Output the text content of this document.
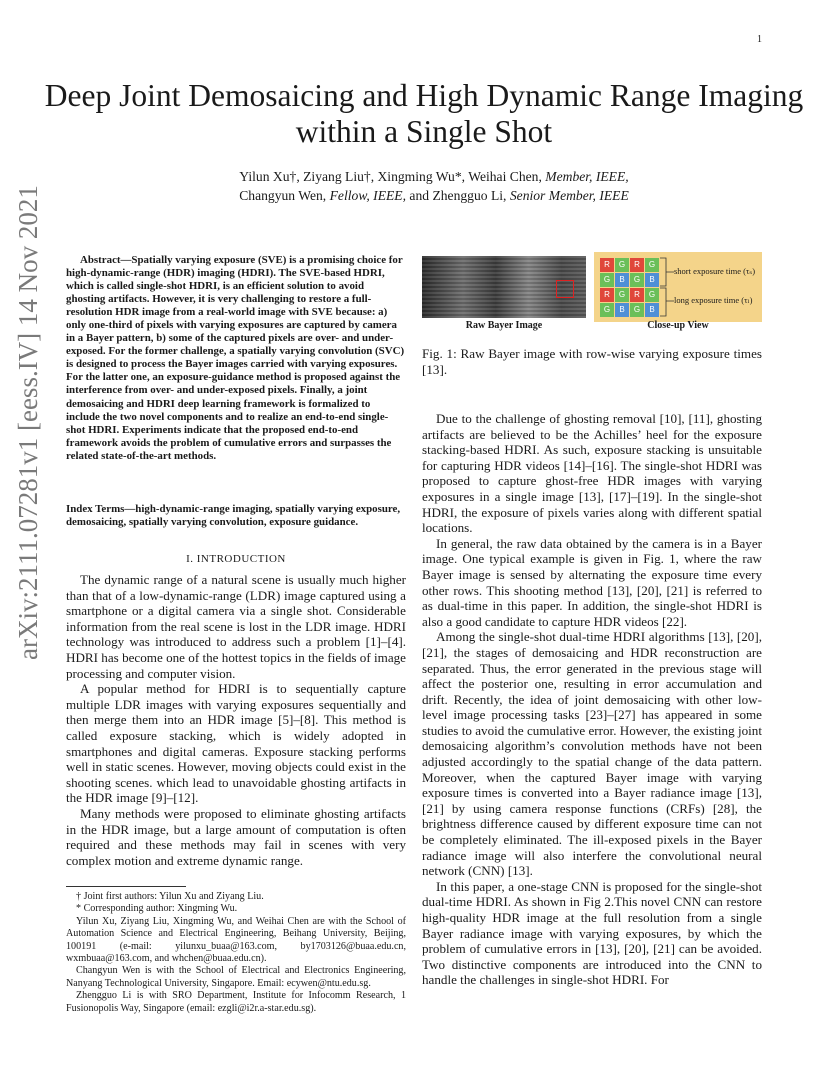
1
arXiv:2111.07281v1 [eess.IV] 14 Nov 2021
Deep Joint Demosaicing and High Dynamic Range Imaging within a Single Shot
Yilun Xu†, Ziyang Liu†, Xingming Wu*, Weihai Chen, Member, IEEE,
Changyun Wen, Fellow, IEEE, and Zhengguo Li, Senior Member, IEEE

Abstract—Spatially varying exposure (SVE) is a promising choice for high-dynamic-range (HDR) imaging (HDRI). The SVE-based HDRI, which is called single-shot HDRI, is an efficient solution to avoid ghosting artifacts. However, it is very challenging to restore a full-resolution HDR image from a real-world image with SVE because: a) only one-third of pixels with varying exposures are captured by camera in a Bayer pattern, b) some of the captured pixels are over- and under-exposed. For the former challenge, a spatially varying convolution (SVC) is designed to process the Bayer images carried with varying exposures. For the latter one, an exposure-guidance method is proposed against the interference from over- and under-exposed pixels. Finally, a joint demosaicing and HDRI deep learning framework is formalized to include the two novel components and to realize an end-to-end single-shot HDRI. Experiments indicate that the proposed end-to-end framework avoids the problem of cumulative errors and surpasses the related state-of-the-art methods.

Index Terms—high-dynamic-range imaging, spatially varying exposure, demosaicing, spatially varying convolution, exposure guidance.

I. INTRODUCTION

The dynamic range of a natural scene is usually much higher than that of a low-dynamic-range (LDR) image captured using a smartphone or a digital camera via a single shot. Considerable information from the real scene is lost in the LDR image. HDRI technology was introduced to address such a problem [1]–[4]. HDRI has become one of the hottest topics in the fields of image processing and computer vision.

A popular method for HDRI is to sequentially capture multiple LDR images with varying exposures sequentially and then merge them into an HDR image [5]–[8]. This method is called exposure stacking, which is widely adopted in smartphones and digital cameras. Exposure stacking performs well in static scenes. However, moving objects could exist in the shooting scenes. which lead to unavoidable ghosting artifacts in the HDR image [9]–[12].

Many methods were proposed to eliminate ghosting artifacts in the HDR image, but a large amount of computation is often required and these methods may fail in scenes with very complex motion and extreme dynamic range.

† Joint first authors: Yilun Xu and Ziyang Liu.

* Corresponding author: Xingming Wu.

Yilun Xu, Ziyang Liu, Xingming Wu, and Weihai Chen are with the School of Automation Science and Electrical Engineering, Beihang University, Beijing, 100191 (e-mail: yilunxu_buaa@163.com, by1703126@buaa.edu.cn, wxmbuaa@163.com, and whchen@buaa.edu.cn).

Changyun Wen is with the School of Electrical and Electronics Engineering, Nanyang Technological University, Singapore. Email: ecywen@ntu.edu.sg.

Zhengguo Li is with SRO Department, Institute for Infocomm Research, 1 Fusionopolis Way, Singapore (email: ezgli@i2r.a-star.edu.sg).

Raw Bayer Image
short exposure time (τₛ)
long exposure time (τₗ)
R	G	R	G
G	B	G	B
R	G	R	G
G	B	G	B
Close-up View
Fig. 1: Raw Bayer image with row-wise varying exposure times [13].

Due to the challenge of ghosting removal [10], [11], ghosting artifacts are believed to be the Achilles’ heel for the exposure stacking-based HDRI. As such, exposure stacking is unsuitable for capturing HDR videos [14]–[16]. The single-shot HDRI was proposed to capture ghost-free HDR images with varying exposures in a single image [13], [17]–[19]. In the single-shot HDRI, the exposure of pixels varies along with different spatial locations.

In general, the raw data obtained by the camera is in a Bayer image. One typical example is given in Fig. 1, where the raw Bayer image is sensed by alternating the exposure time every other rows. This shooting method [13], [20], [21] is referred to as dual-time in this paper. In addition, the single-shot HDRI is also a good candidate to capture HDR videos [22].

Among the single-shot dual-time HDRI algorithms [13], [20], [21], the stages of demosaicing and HDR reconstruction are separated. Thus, the error generated in the previous stage will affect the posterior one, resulting in error accumulation and drift. Recently, the idea of joint demosaicing with other low-level image processing tasks [23]–[27] has appeared in some studies to avoid the cumulative error. However, the existing joint demosaicing algorithm’s convolution methods have not been adjusted accordingly to the spatial change of the data pattern. Moreover, when the captured Bayer image with varying exposure times is converted into a Bayer radiance image [13], [21] by using camera response functions (CRFs) [28], the brightness difference caused by different exposure time can not be completely eliminated. The ill-exposed pixels in the Bayer radiance image will also interfere the convolutional neural network (CNN) [13].

In this paper, a one-stage CNN is proposed for the single-shot dual-time HDRI. As shown in Fig 2.This novel CNN can restore high-quality HDR image at the full resolution from a single Bayer radiance image with varying exposures, by which the problem of cumulative errors in [13], [20], [21] can be avoided. Two distinctive components are introduced into the CNN to handle the challenges in single-shot HDRI. For
